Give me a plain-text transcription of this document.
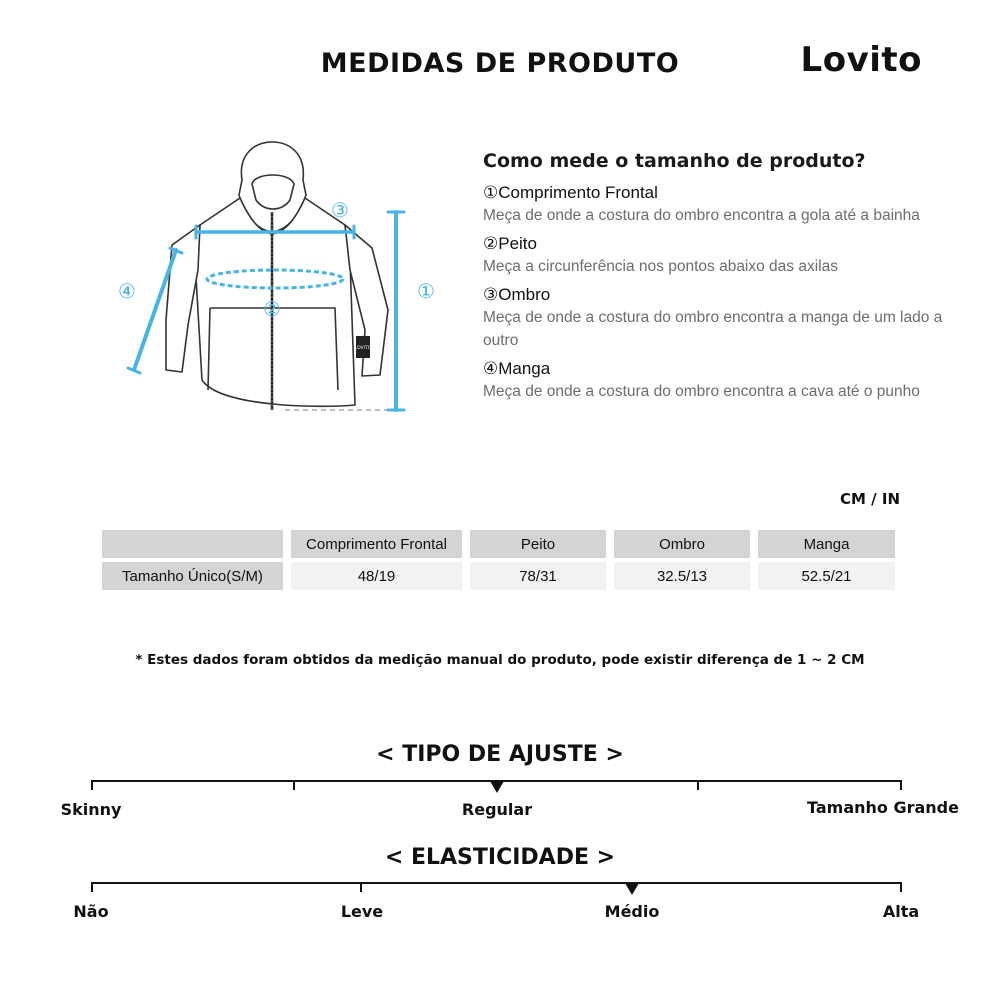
MEDIDAS DE PRODUTO	Lovito
LOVITO
①
②
③
④
Como mede o tamanho de produto?
①Comprimento Frontal
Meça de onde a costura do ombro encontra a gola até a bainha
②Peito
Meça a circunferência nos pontos abaixo das axilas
③Ombro
Meça de onde a costura do ombro encontra a manga de um lado a outro
④Manga
Meça de onde a costura do ombro encontra a cava até o punho
CM / IN
Comprimento Frontal	Peito	Ombro	Manga
Tamanho Único(S/M)	48/19	78/31	32.5/13	52.5/21
* Estes dados foram obtidos da medição manual do produto, pode existir diferença de 1 ~ 2 CM
< TIPO DE AJUSTE >
Skinny	Regular	Tamanho Grande
< ELASTICIDADE >
Não	Leve	Médio	Alta
